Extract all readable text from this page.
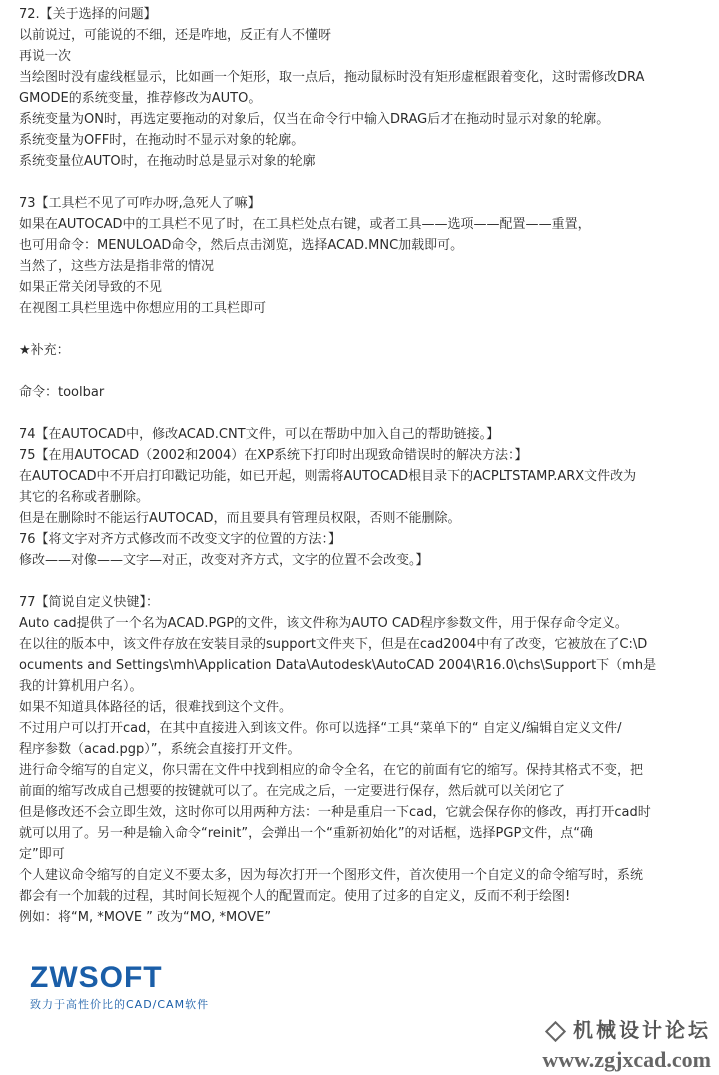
72.【关于选择的问题】
以前说过，可能说的不细，还是咋地，反正有人不懂呀
再说一次
当绘图时没有虚线框显示，比如画一个矩形，取一点后，拖动鼠标时没有矩形虚框跟着变化，这时需修改DRA
GMODE的系统变量，推荐修改为AUTO。
系统变量为ON时，再选定要拖动的对象后，仅当在命令行中输入DRAG后才在拖动时显示对象的轮廓。
系统变量为OFF时，在拖动时不显示对象的轮廓。
系统变量位AUTO时，在拖动时总是显示对象的轮廓
73【工具栏不见了可咋办呀,急死人了嘛】
如果在AUTOCAD中的工具栏不见了时，在工具栏处点右键，或者工具——选项——配置——重置，
也可用命令：MENULOAD命令，然后点击浏览，选择ACAD.MNC加载即可。
当然了，这些方法是指非常的情况
如果正常关闭导致的不见
在视图工具栏里选中你想应用的工具栏即可
★补充：
命令：toolbar
74【在AUTOCAD中，修改ACAD.CNT文件，可以在帮助中加入自己的帮助链接。】
75【在用AUTOCAD（2002和2004）在XP系统下打印时出现致命错误时的解决方法：】
在AUTOCAD中不开启打印戳记功能，如已开起，则需将AUTOCAD根目录下的ACPLTSTAMP.ARX文件改为
其它的名称或者删除。
但是在删除时不能运行AUTOCAD，而且要具有管理员权限，否则不能删除。
76【将文字对齐方式修改而不改变文字的位置的方法：】
修改——对像——文字—对正，改变对齐方式，文字的位置不会改变。】
77【简说自定义快键】：
Auto cad提供了一个名为ACAD.PGP的文件，该文件称为AUTO CAD程序参数文件，用于保存命令定义。
在以往的版本中，该文件存放在安装目录的support文件夹下，但是在cad2004中有了改变，它被放在了C:\D
ocuments and Settings\mh\Application Data\Autodesk\AutoCAD 2004\R16.0\chs\Support下（mh是
我的计算机用户名）。
如果不知道具体路径的话，很难找到这个文件。
不过用户可以打开cad，在其中直接进入到该文件。你可以选择“工具“菜单下的“ 自定义/编辑自定义文件/
程序参数（acad.pgp）”，系统会直接打开文件。
进行命令缩写的自定义，你只需在文件中找到相应的命令全名，在它的前面有它的缩写。保持其格式不变，把
前面的缩写改成自己想要的按键就可以了。在完成之后，一定要进行保存，然后就可以关闭它了
但是修改还不会立即生效，这时你可以用两种方法：一种是重启一下cad，它就会保存你的修改，再打开cad时
就可以用了。另一种是输入命令“reinit”，会弹出一个“重新初始化”的对话框，选择PGP文件，点“确
定”即可
个人建议命令缩写的自定义不要太多，因为每次打开一个图形文件，首次使用一个自定义的命令缩写时，系统
都会有一个加载的过程，其时间长短视个人的配置而定。使用了过多的自定义，反而不利于绘图!
例如：将“M, *MOVE ” 改为“MO, *MOVE”
ZWSOFT
致力于高性价比的CAD/CAM软件
机械设计论坛
www.zgjxcad.com
